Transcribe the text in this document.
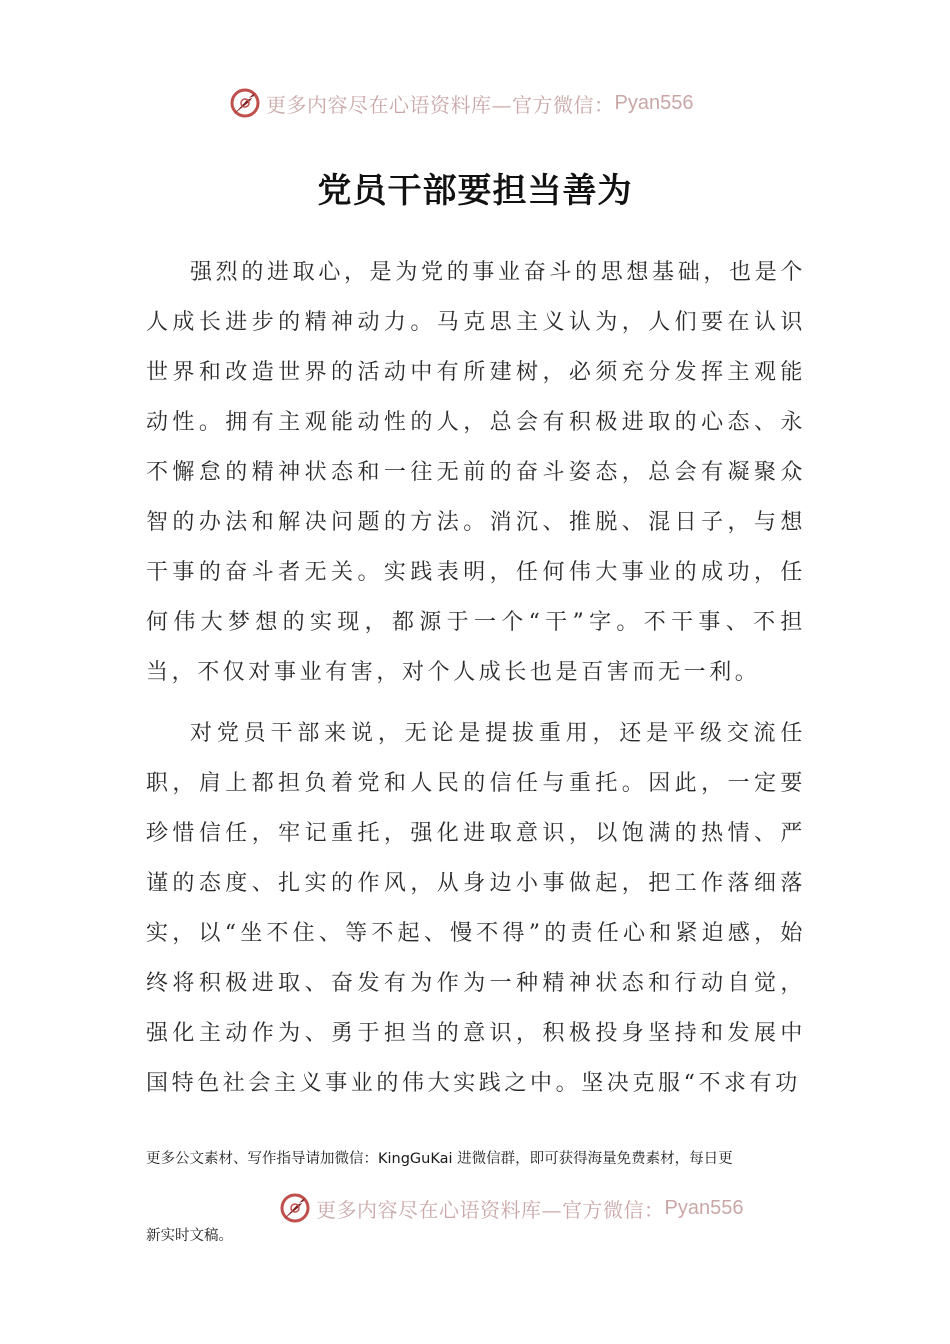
更多内容尽在心语资料库—官方微信： Pyan556
党员干部要担当善为

强烈的进取心，是为党的事业奋斗的思想基础，也是个人成长进步的精神动力。马克思主义认为，人们要在认识世界和改造世界的活动中有所建树，必须充分发挥主观能动性。拥有主观能动性的人，总会有积极进取的心态、永不懈怠的精神状态和一往无前的奋斗姿态，总会有凝聚众智的办法和解决问题的方法。消沉、推脱、混日子，与想干事的奋斗者无关。实践表明，任何伟大事业的成功，任何伟大梦想的实现，都源于一个“干”字。不干事、不担当，不仅对事业有害，对个人成长也是百害而无一利。

对党员干部来说，无论是提拔重用，还是平级交流任职，肩上都担负着党和人民的信任与重托。因此，一定要珍惜信任，牢记重托，强化进取意识，以饱满的热情、严谨的态度、扎实的作风，从身边小事做起，把工作落细落实，以“坐不住、等不起、慢不得”的责任心和紧迫感，始终将积极进取、奋发有为作为一种精神状态和行动自觉，强化主动作为、勇于担当的意识，积极投身坚持和发展中国特色社会主义事业的伟大实践之中。坚决克服“不求有功

更多公文素材、写作指导请加微信：KingGuKai 进微信群，即可获得海量免费素材，每日更
更多内容尽在心语资料库—官方微信： Pyan556
新实时文稿。
